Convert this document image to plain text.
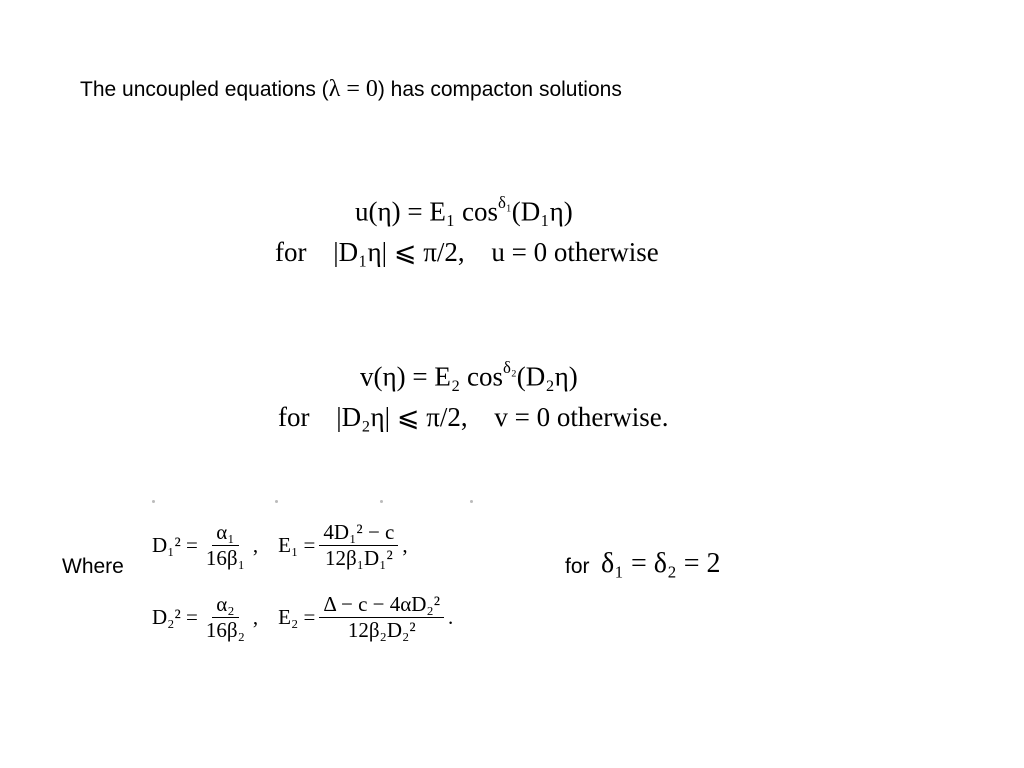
The uncoupled equations (λ = 0) has compacton solutions
u(η) = E₁ $\cos^{\delta_1}(D_1\eta)$
for |D₁η| ⩽ π/2, u = 0 otherwise
v(η) = E₂ $\cos^{\delta_2}(D_2\eta)$
for |D₂η| ⩽ π/2, v = 0 otherwise.
Where
$D_1^2 = \frac{\text{α₁}}{\text{16β₁}}$ , $E_1 = \frac{\text{4D₁² − c}}{\text{12β₁D₁²}}$ ,
$D_2^2 = \frac{\text{α₂}}{\text{16β₂}}$ , $E_2 = \frac{\text{Δ − c − 4αD₂²}}{\text{12β₂D₂²}}$ .
for δ₁ = δ₂ = 2
